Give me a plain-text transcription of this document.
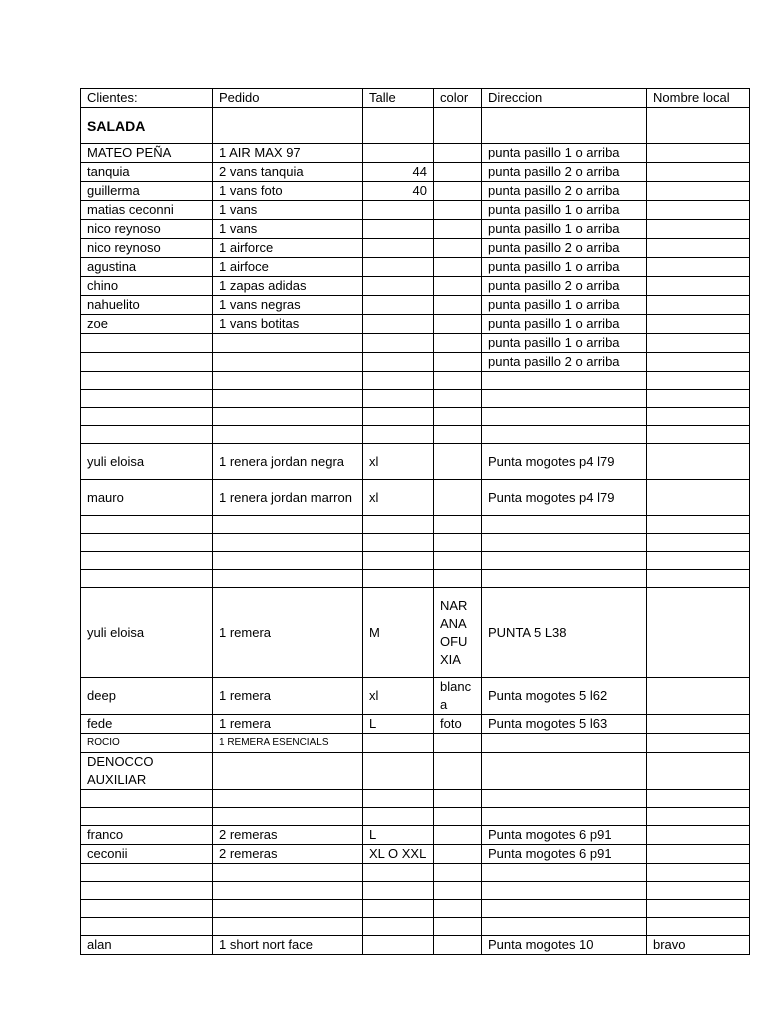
Clientes:	Pedido	Talle	color	Direccion	Nombre local
SALADA					
MATEO PEÑA	1 AIR MAX 97			punta pasillo 1 o arriba	
tanquia	2 vans tanquia	44		punta pasillo 2 o arriba	
guillerma	1 vans foto	40		punta pasillo 2 o arriba	
matias ceconni	1 vans			punta pasillo 1 o arriba	
nico reynoso	1 vans			punta pasillo 1 o arriba	
nico reynoso	1 airforce			punta pasillo 2 o arriba	
agustina	1 airfoce			punta pasillo 1 o arriba	
chino	1 zapas adidas			punta pasillo 2 o arriba	
nahuelito	1 vans negras			punta pasillo 1 o arriba	
zoe	1 vans botitas			punta pasillo 1 o arriba	
				punta pasillo 1 o arriba	
				punta pasillo 2 o arriba	

yuli eloisa	1 renera jordan negra	xl		Punta mogotes p4 l79	
mauro	1 renera jordan marron	xl		Punta mogotes p4 l79	

yuli eloisa	1 remera	M	NARANAOFUXIA	PUNTA 5 L38	
deep	1 remera	xl	blanca	Punta mogotes 5 l62	
fede	1 remera	L	foto	Punta mogotes 5 l63	
ROCIO	1 REMERA ESENCIALS				
DENOCCO AUXILIAR					

franco	2 remeras	L		Punta mogotes 6 p91	
ceconii	2 remeras	XL O XXL		Punta mogotes 6 p91	

alan	1 short nort face			Punta mogotes 10	bravo
